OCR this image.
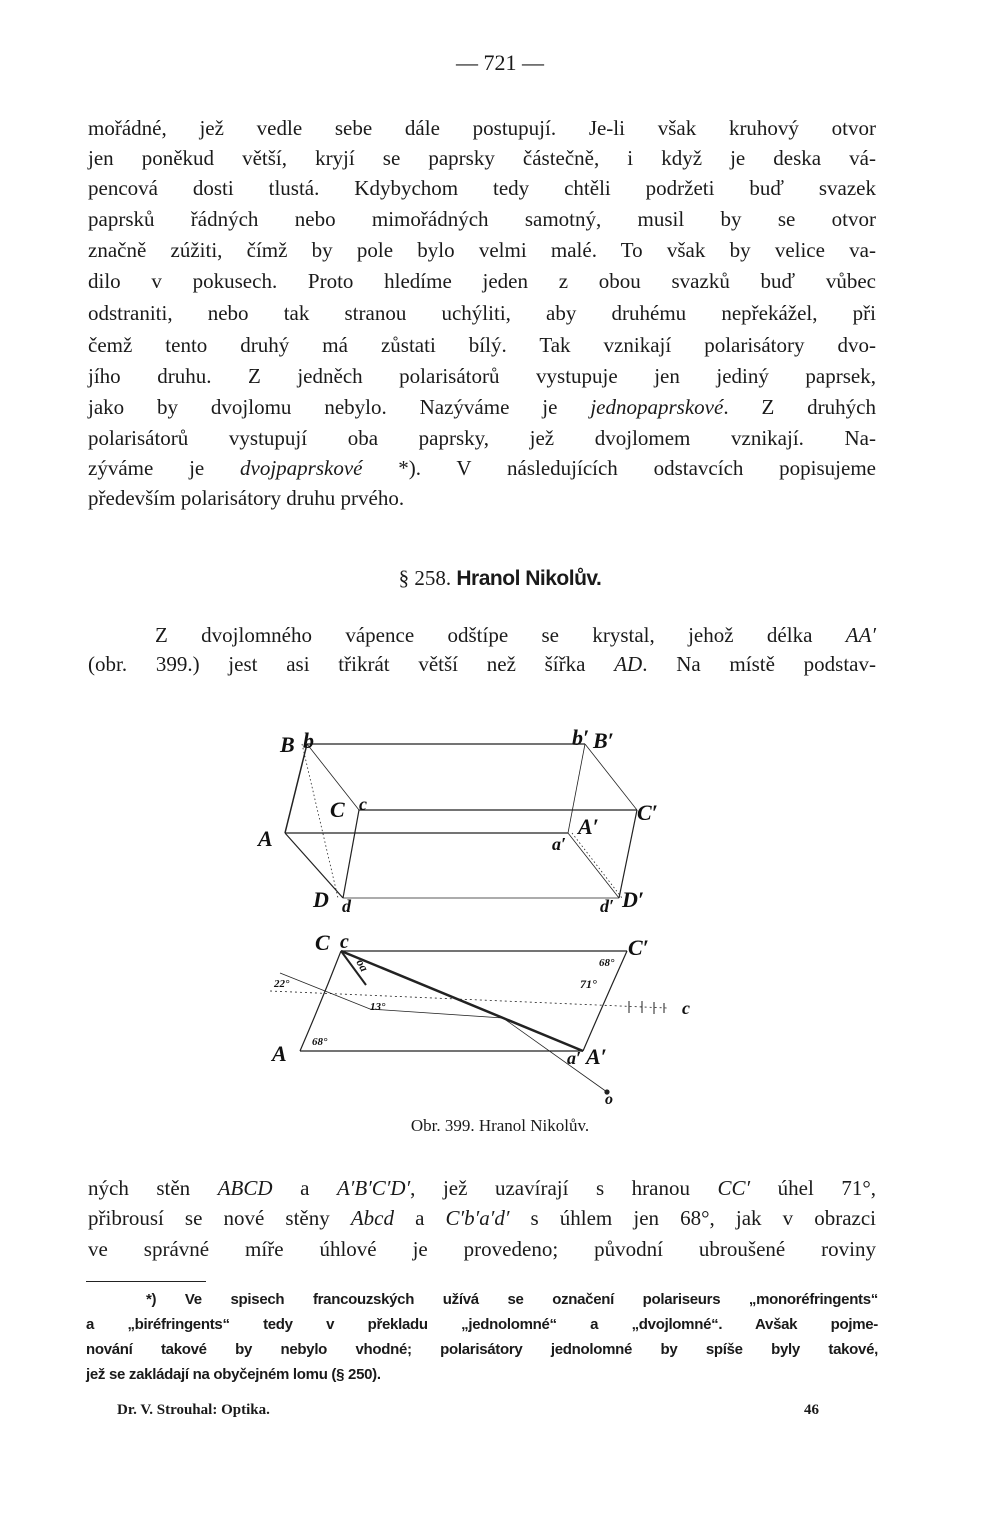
— 721 —
mořádné, jež vedle sebe dále postupují. Je-li však kruhový otvor
jen poněkud větší, kryjí se paprsky částečně, i když je deska vá-
pencová dosti tlustá. Kdybychom tedy chtěli podržeti buď svazek
paprsků řádných nebo mimořádných samotný, musil by se otvor
značně zúžiti, čímž by pole bylo velmi malé. To však by velice va-
dilo v pokusech. Proto hledíme jeden z obou svazků buď vůbec
odstraniti, nebo tak stranou uchýliti, aby druhému nepřekážel, při
čemž tento druhý má zůstati bílý. Tak vznikají polarisátory dvo-
jího druhu. Z jedněch polarisátorů vystupuje jen jediný paprsek,
jako by dvojlomu nebylo. Nazýváme je jednopaprskové. Z druhých
polarisátorů vystupují oba paprsky, jež dvojlomem vznikají. Na-
zýváme je dvojpaprskové *). V následujících odstavcích popisujeme
především polarisátory druhu prvého.
§ 258. Hranol Nikolův.
Z dvojlomného vápence odštípe se krystal, jehož délka AA′
(obr. 399.) jest asi třikrát větší než šířka AD. Na místě podstav-
B b	b′ B′
C c	C′
A	A′
a′
D d	d′ D′
C c	C′
A	a′ A′
o
c
oa
22°
13°
68°
68°
71°
Obr. 399. Hranol Nikolův.
ných stěn ABCD a A′B′C′D′, jež uzavírají s hranou CC′ úhel 71°,
přibrousí se nové stěny Abcd a C′b′a′d′ s úhlem jen 68°, jak v obrazci
ve správné míře úhlové je provedeno; původní ubroušené roviny
*) Ve spisech francouzských užívá se označení polariseurs „monoréfringents“
a „biréfringents“ tedy v překladu „jednolomné“ a „dvojlomné“. Avšak pojme-
nování takové by nebylo vhodné; polarisátory jednolomné by spíše byly takové,
jež se zakládají na obyčejném lomu (§ 250).
Dr. V. Strouhal: Optika.	46
